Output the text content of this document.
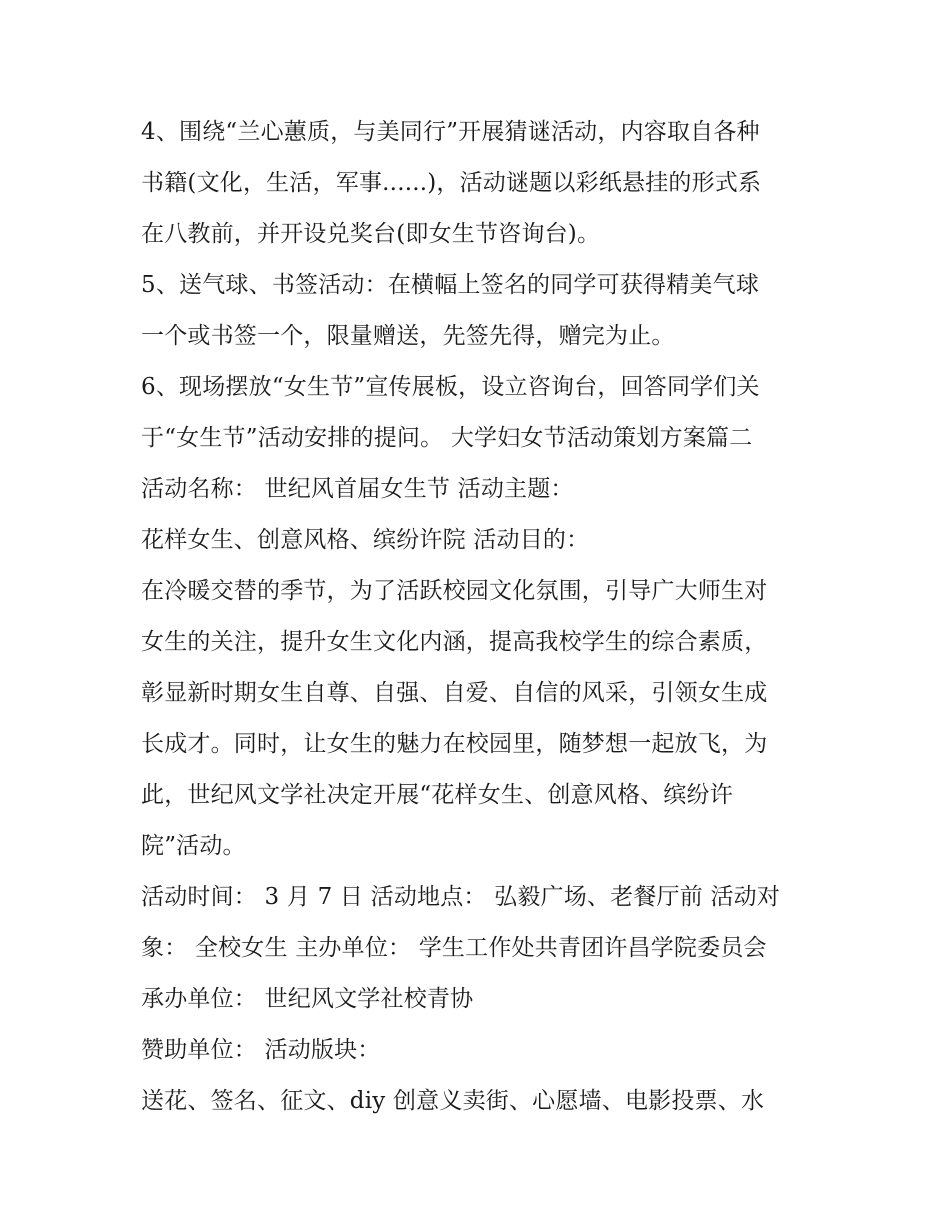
4、围绕“兰心蕙质，与美同行”开展猜谜活动，内容取自各种
书籍(文化，生活，军事......)，活动谜题以彩纸悬挂的形式系
在八教前，并开设兑奖台(即女生节咨询台)。
5、送气球、书签活动：在横幅上签名的同学可获得精美气球
一个或书签一个，限量赠送，先签先得，赠完为止。
6、现场摆放“女生节”宣传展板，设立咨询台，回答同学们关
于“女生节”活动安排的提问。 大学妇女节活动策划方案篇二
活动名称： 世纪风首届女生节 活动主题：
花样女生、创意风格、缤纷许院 活动目的：
在冷暖交替的季节，为了活跃校园文化氛围，引导广大师生对
女生的关注，提升女生文化内涵，提高我校学生的综合素质，
彰显新时期女生自尊、自强、自爱、自信的风采，引领女生成
长成才。同时，让女生的魅力在校园里，随梦想一起放飞，为
此，世纪风文学社决定开展“花样女生、创意风格、缤纷许
院”活动。
活动时间： 3 月 7 日 活动地点： 弘毅广场、老餐厅前 活动对
象： 全校女生 主办单位： 学生工作处共青团许昌学院委员会
承办单位： 世纪风文学社校青协
赞助单位： 活动版块：
送花、签名、征文、diy 创意义卖街、心愿墙、电影投票、水
